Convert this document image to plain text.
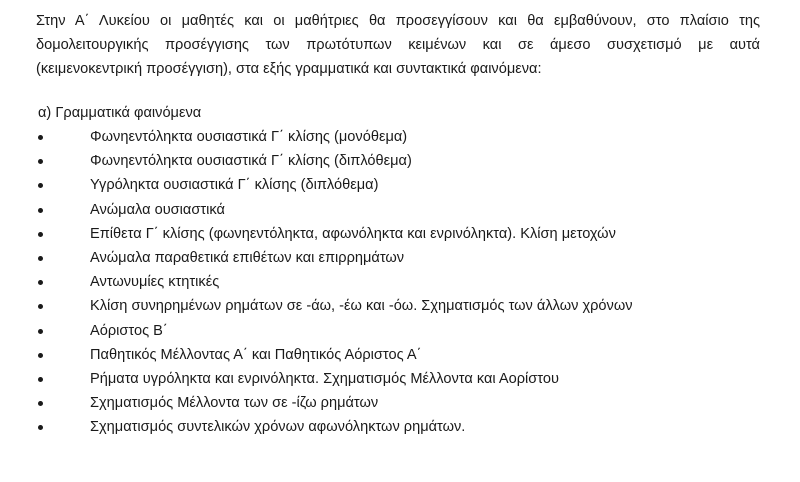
Στην Α΄ Λυκείου οι μαθητές και οι μαθήτριες θα προσεγγίσουν και θα εμβαθύνουν, στο πλαίσιο της
δομολειτουργικής προσέγγισης των πρωτότυπων κειμένων και σε άμεσο συσχετισμό με αυτά
(κειμενοκεντρική προσέγγιση), στα εξής γραμματικά και συντακτικά φαινόμενα:
α) Γραμματικά φαινόμενα
Φωνηεντόληκτα ουσιαστικά Γ΄ κλίσης (μονόθεμα)
Φωνηεντόληκτα ουσιαστικά Γ΄ κλίσης (διπλόθεμα)
Υγρόληκτα ουσιαστικά Γ΄ κλίσης (διπλόθεμα)
Ανώμαλα ουσιαστικά
Επίθετα Γ΄ κλίσης (φωνηεντόληκτα, αφωνόληκτα και ενρινόληκτα). Κλίση μετοχών
Ανώμαλα παραθετικά επιθέτων και επιρρημάτων
Αντωνυμίες κτητικές
Κλίση συνηρημένων ρημάτων σε -άω, -έω και -όω. Σχηματισμός των άλλων χρόνων
Αόριστος Β΄
Παθητικός Μέλλοντας Α΄ και Παθητικός Αόριστος Α΄
Ρήματα υγρόληκτα και ενρινόληκτα. Σχηματισμός Μέλλοντα και Αορίστου
Σχηματισμός Μέλλοντα των σε -ίζω ρημάτων
Σχηματισμός συντελικών χρόνων αφωνόληκτων ρημάτων.
